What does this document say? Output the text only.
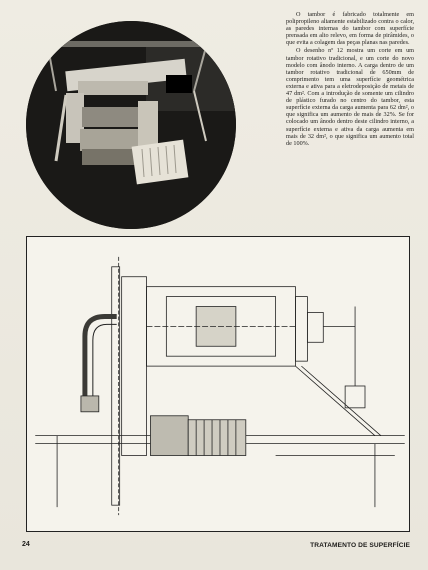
O tambor é fabricado totalmente em polipropileno altamente estabilizado contra o calor, as paredes internas do tambor com superfície prensada em alto relevo, em forma de pirâmides, o que evita a colagem das peças planas nas paredes.

O desenho nº 12 mostra um corte em um tambor rotativo tradicional, e um corte do novo modelo com ânodo interno. A carga dentro de um tambor rotativo tradicional de 650mm de comprimento tem uma superfície geométrica externa e ativa para a eletrodeposição de metais de 47 dm². Com a introdução de somente um cilindro de plástico furado no centro do tambor, esta superfície externa da carga aumenta para 62 dm², o que significa um aumento de mais de 32%. Se for colocado um ânodo dentro deste cilindro interno, a superfície externa e ativa da carga aumenta em mais de 32 dm², o que significa um aumento total de 100%.

24	TRATAMENTO DE SUPERFÍCIE
